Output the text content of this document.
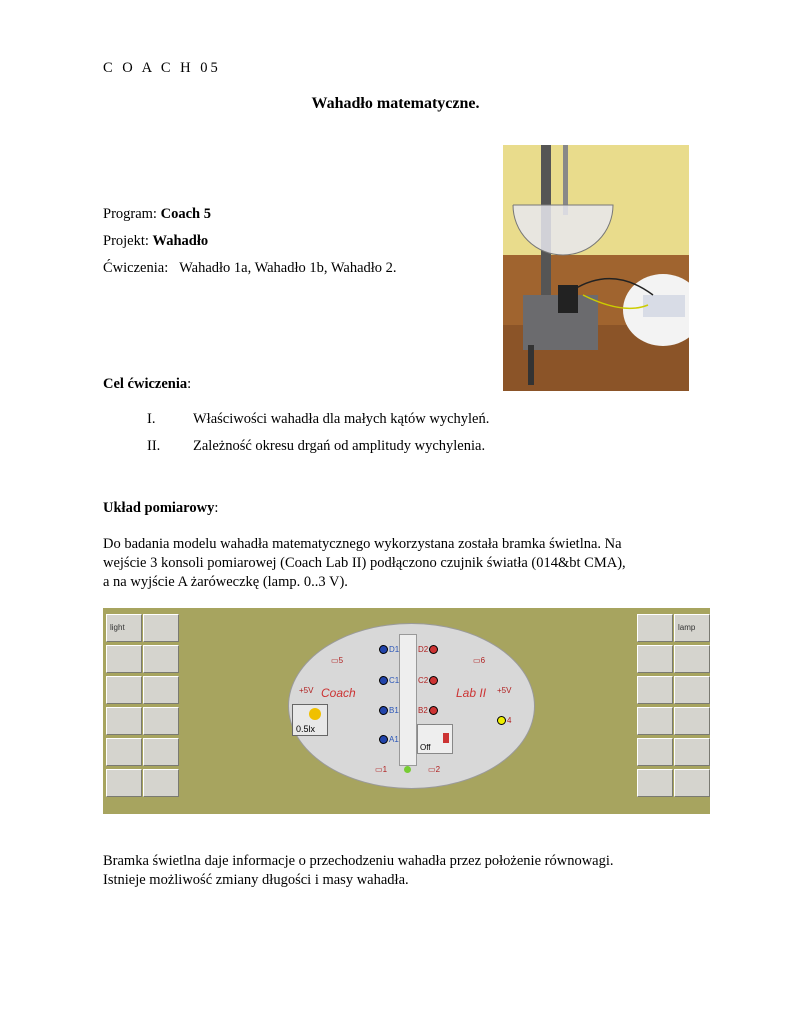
C O A C H 05
Wahadło matematyczne.
Program: Coach 5
Projekt: Wahadło
Ćwiczenia: Wahadło 1a, Wahadło 1b, Wahadło 2.
Cel ćwiczenia:
I.	Właściwości wahadła dla małych kątów wychyleń.
II. Zależność okresu drgań od amplitudy wychylenia.
Układ pomiarowy:
Do badania modelu wahadła matematycznego wykorzystana została bramka świetlna. Na
wejście 3 konsoli pomiarowej (Coach Lab II) podłączono czujnik światła (014&bt CMA),
a na wyjście A żaróweczkę (lamp. 0..3 V).
light	lamp
D1
C1
B1
A1
D2
C2
B2
Coach	Lab II
0.5lx
Off
▭5	▭6
▭1	▭2
4
+5V	+5V
Bramka świetlna daje informacje o przechodzeniu wahadła przez położenie równowagi.
Istnieje możliwość zmiany długości i masy wahadła.
